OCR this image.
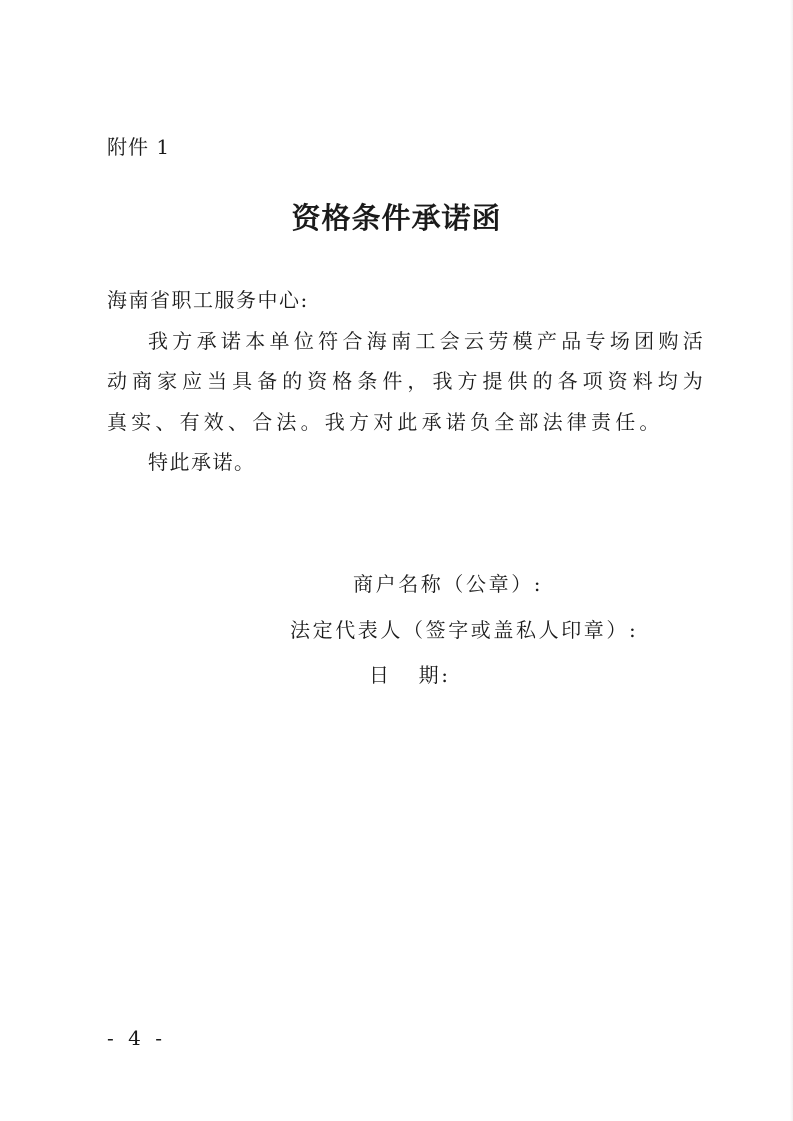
附件 1
资格条件承诺函

海南省职工服务中心:

我方承诺本单位符合海南工会云劳模产品专场团购活动商家应当具备的资格条件，我方提供的各项资料均为真实、有效、合法。我方对此承诺负全部法律责任。

特此承诺。

商户名称（公章）:
法定代表人（签字或盖私人印章）:
日 期:
- 4 -
